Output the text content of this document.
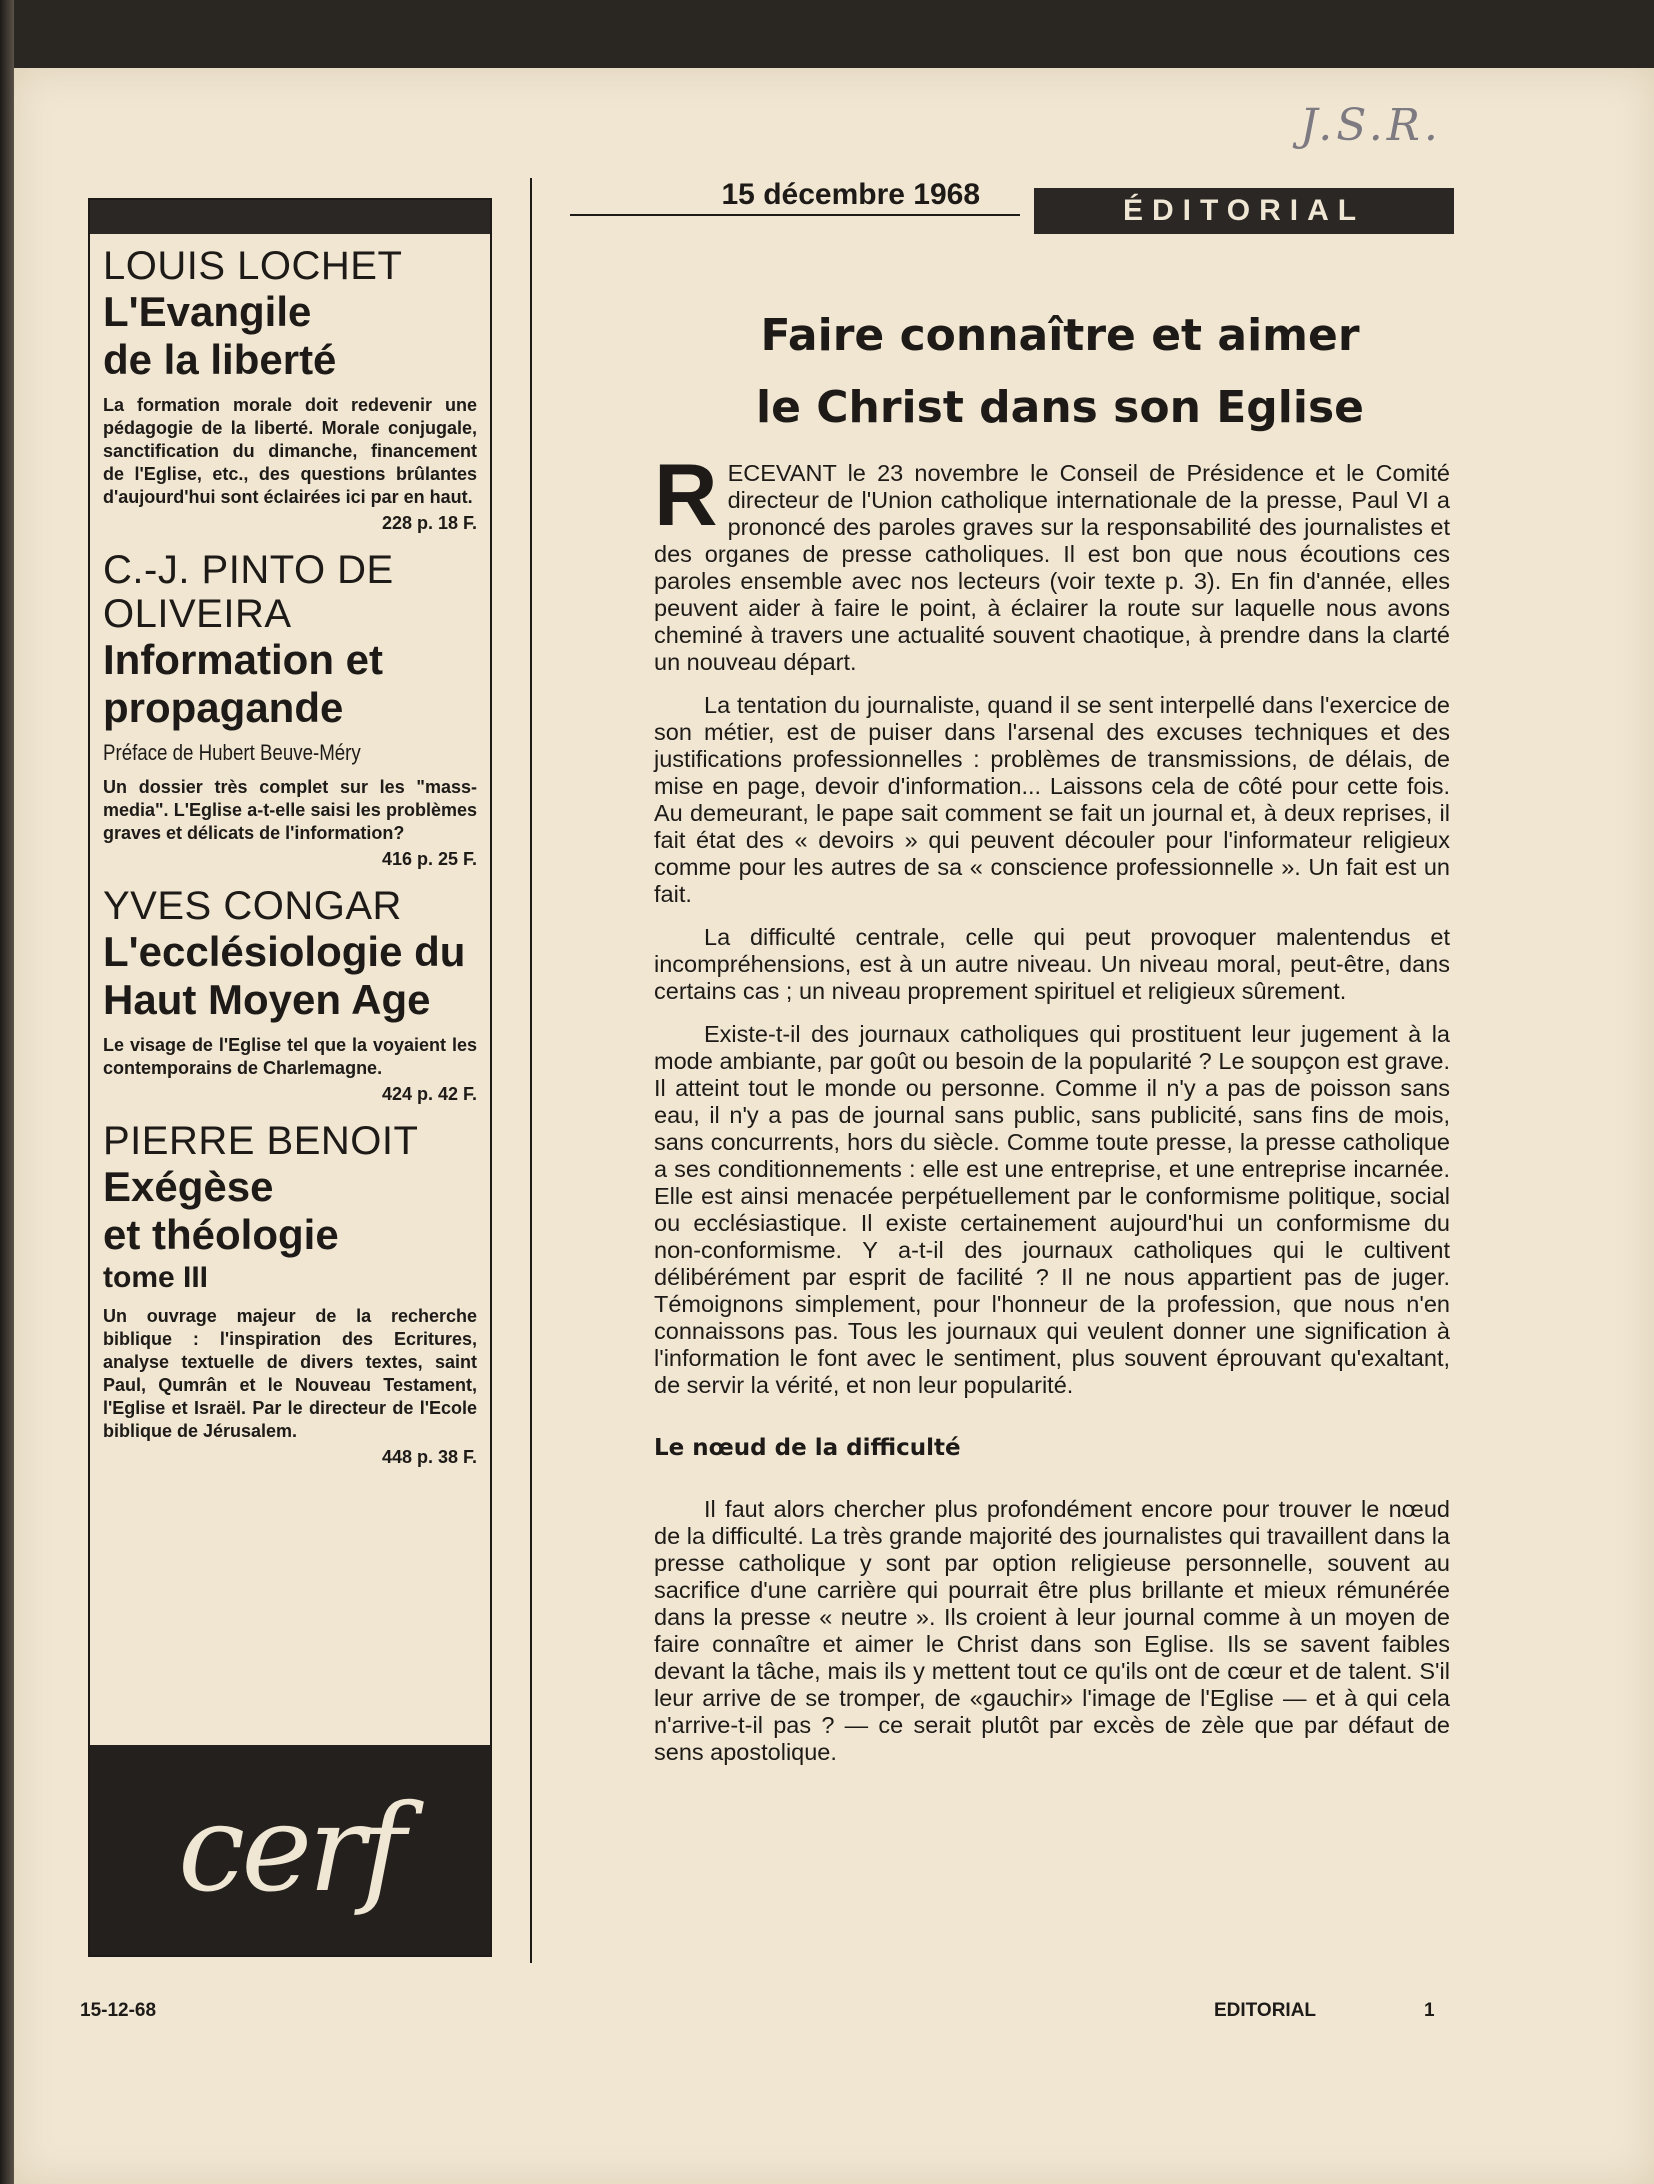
J.S.R.
LOUIS LOCHET
L'Evangile
de la liberté
La formation morale doit redevenir une pédagogie de la liberté. Morale conjugale, sanctification du dimanche, financement de l'Eglise, etc., des questions brûlantes d'aujourd'hui sont éclairées ici par en haut.
228 p. 18 F.
C.-J. PINTO DE OLIVEIRA
Information et
propagande
Préface de Hubert Beuve-Méry
Un dossier très complet sur les "mass-media". L'Eglise a-t-elle saisi les problèmes graves et délicats de l'information?
416 p. 25 F.
YVES CONGAR
L'ecclésiologie du
Haut Moyen Age
Le visage de l'Eglise tel que la voyaient les contemporains de Charlemagne.
424 p. 42 F.
PIERRE BENOIT
Exégèse
et théologie
tome III
Un ouvrage majeur de la recherche biblique : l'inspiration des Ecritures, analyse textuelle de divers textes, saint Paul, Qumrân et le Nouveau Testament, l'Eglise et Israël. Par le directeur de l'Ecole biblique de Jérusalem.
448 p. 38 F.
cerf
15 décembre 1968	ÉDITORIAL
Faire connaître et aimer
le Christ dans son Eglise

R ECEVANT le 23 novembre le Conseil de Présidence et le Comité directeur de l'Union catholique internationale de la presse, Paul VI a prononcé des paroles graves sur la responsabilité des journalistes et des organes de presse catholiques. Il est bon que nous écoutions ces paroles ensemble avec nos lecteurs (voir texte p. 3). En fin d'année, elles peuvent aider à faire le point, à éclairer la route sur laquelle nous avons cheminé à travers une actualité souvent chaotique, à prendre dans la clarté un nouveau départ.

La tentation du journaliste, quand il se sent interpellé dans l'exercice de son métier, est de puiser dans l'arsenal des excuses techniques et des justifications professionnelles : problèmes de transmissions, de délais, de mise en page, devoir d'information... Laissons cela de côté pour cette fois. Au demeurant, le pape sait comment se fait un journal et, à deux reprises, il fait état des « devoirs » qui peuvent découler pour l'informateur religieux comme pour les autres de sa « conscience professionnelle ». Un fait est un fait.

La difficulté centrale, celle qui peut provoquer malentendus et incompréhensions, est à un autre niveau. Un niveau moral, peut-être, dans certains cas ; un niveau proprement spirituel et religieux sûrement.

Existe-t-il des journaux catholiques qui prostituent leur jugement à la mode ambiante, par goût ou besoin de la popularité ? Le soupçon est grave. Il atteint tout le monde ou personne. Comme il n'y a pas de poisson sans eau, il n'y a pas de journal sans public, sans publicité, sans fins de mois, sans concurrents, hors du siècle. Comme toute presse, la presse catholique a ses conditionnements : elle est une entreprise, et une entreprise incarnée. Elle est ainsi menacée perpétuellement par le conformisme politique, social ou ecclésiastique. Il existe certainement aujourd'hui un conformisme du non-conformisme. Y a-t-il des journaux catholiques qui le cultivent délibérément par esprit de facilité ? Il ne nous appartient pas de juger. Témoignons simplement, pour l'honneur de la profession, que nous n'en connaissons pas. Tous les journaux qui veulent donner une signification à l'information le font avec le sentiment, plus souvent éprouvant qu'exaltant, de servir la vérité, et non leur popularité.

Le nœud de la difficulté

Il faut alors chercher plus profondément encore pour trouver le nœud de la difficulté. La très grande majorité des journalistes qui travaillent dans la presse catholique y sont par option religieuse personnelle, souvent au sacrifice d'une carrière qui pourrait être plus brillante et mieux rémunérée dans la presse « neutre ». Ils croient à leur journal comme à un moyen de faire connaître et aimer le Christ dans son Eglise. Ils se savent faibles devant la tâche, mais ils y mettent tout ce qu'ils ont de cœur et de talent. S'il leur arrive de se tromper, de «gauchir» l'image de l'Eglise — et à qui cela n'arrive-t-il pas ? — ce serait plutôt par excès de zèle que par défaut de sens apostolique.

15-12-68	EDITORIAL	1
